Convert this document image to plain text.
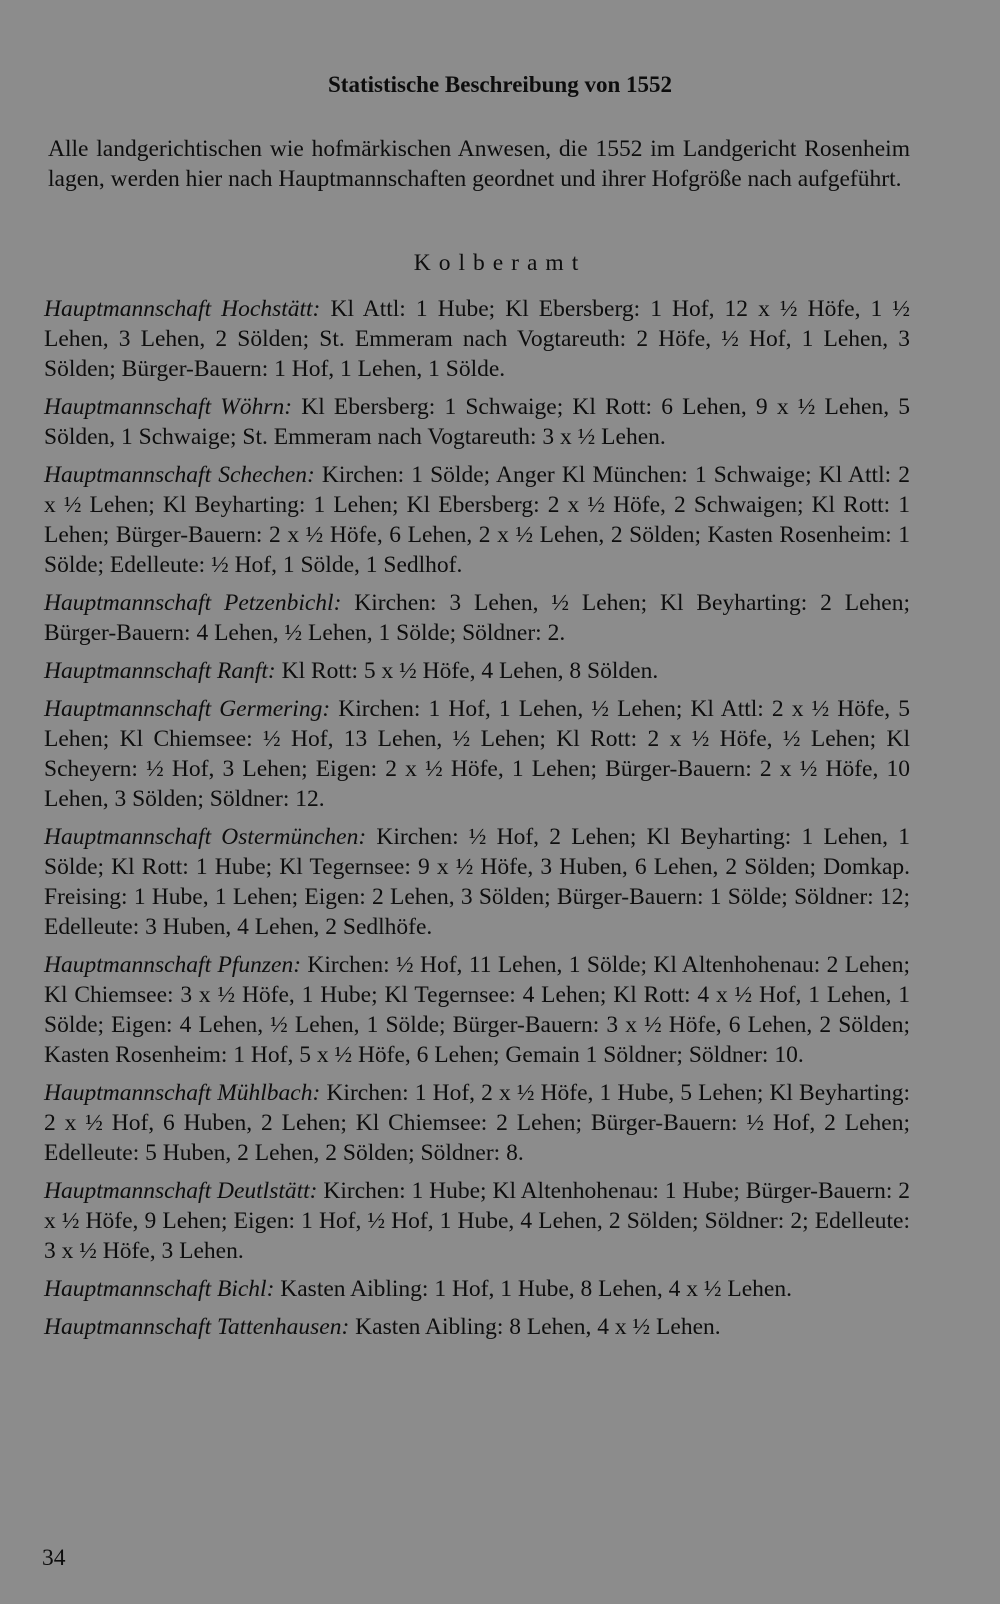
Statistische Beschreibung von 1552
Alle landgerichtischen wie hofmärkischen Anwesen, die 1552 im Landgericht Rosenheim lagen, werden hier nach Hauptmannschaften geordnet und ihrer Hofgröße nach aufgeführt.
Kolberamt

Hauptmannschaft Hochstätt: Kl Attl: 1 Hube; Kl Ebersberg: 1 Hof, 12 x ½ Höfe, 1 ½ Lehen, 3 Lehen, 2 Sölden; St. Emmeram nach Vogtareuth: 2 Höfe, ½ Hof, 1 Lehen, 3 Sölden; Bürger-Bauern: 1 Hof, 1 Lehen, 1 Sölde.

Hauptmannschaft Wöhrn: Kl Ebersberg: 1 Schwaige; Kl Rott: 6 Lehen, 9 x ½ Lehen, 5 Sölden, 1 Schwaige; St. Emmeram nach Vogtareuth: 3 x ½ Lehen.

Hauptmannschaft Schechen: Kirchen: 1 Sölde; Anger Kl München: 1 Schwaige; Kl Attl: 2 x ½ Lehen; Kl Beyharting: 1 Lehen; Kl Ebersberg: 2 x ½ Höfe, 2 Schwaigen; Kl Rott: 1 Lehen; Bürger-Bauern: 2 x ½ Höfe, 6 Lehen, 2 x ½ Lehen, 2 Sölden; Kasten Rosenheim: 1 Sölde; Edelleute: ½ Hof, 1 Sölde, 1 Sedlhof.

Hauptmannschaft Petzenbichl: Kirchen: 3 Lehen, ½ Lehen; Kl Beyharting: 2 Lehen; Bürger-Bauern: 4 Lehen, ½ Lehen, 1 Sölde; Söldner: 2.

Hauptmannschaft Ranft: Kl Rott: 5 x ½ Höfe, 4 Lehen, 8 Sölden.

Hauptmannschaft Germering: Kirchen: 1 Hof, 1 Lehen, ½ Lehen; Kl Attl: 2 x ½ Höfe, 5 Lehen; Kl Chiemsee: ½ Hof, 13 Lehen, ½ Lehen; Kl Rott: 2 x ½ Höfe, ½ Lehen; Kl Scheyern: ½ Hof, 3 Lehen; Eigen: 2 x ½ Höfe, 1 Lehen; Bürger-Bauern: 2 x ½ Höfe, 10 Lehen, 3 Sölden; Söldner: 12.

Hauptmannschaft Ostermünchen: Kirchen: ½ Hof, 2 Lehen; Kl Beyharting: 1 Lehen, 1 Sölde; Kl Rott: 1 Hube; Kl Tegernsee: 9 x ½ Höfe, 3 Huben, 6 Lehen, 2 Sölden; Domkap. Freising: 1 Hube, 1 Lehen; Eigen: 2 Lehen, 3 Sölden; Bürger-Bauern: 1 Sölde; Söldner: 12; Edelleute: 3 Huben, 4 Lehen, 2 Sedlhöfe.

Hauptmannschaft Pfunzen: Kirchen: ½ Hof, 11 Lehen, 1 Sölde; Kl Altenhohenau: 2 Lehen; Kl Chiemsee: 3 x ½ Höfe, 1 Hube; Kl Tegernsee: 4 Lehen; Kl Rott: 4 x ½ Hof, 1 Lehen, 1 Sölde; Eigen: 4 Lehen, ½ Lehen, 1 Sölde; Bürger-Bauern: 3 x ½ Höfe, 6 Lehen, 2 Sölden; Kasten Rosenheim: 1 Hof, 5 x ½ Höfe, 6 Lehen; Gemain 1 Söldner; Söldner: 10.

Hauptmannschaft Mühlbach: Kirchen: 1 Hof, 2 x ½ Höfe, 1 Hube, 5 Lehen; Kl Beyharting: 2 x ½ Hof, 6 Huben, 2 Lehen; Kl Chiemsee: 2 Lehen; Bürger-Bauern: ½ Hof, 2 Lehen; Edelleute: 5 Huben, 2 Lehen, 2 Sölden; Söldner: 8.

Hauptmannschaft Deutlstätt: Kirchen: 1 Hube; Kl Altenhohenau: 1 Hube; Bürger-Bauern: 2 x ½ Höfe, 9 Lehen; Eigen: 1 Hof, ½ Hof, 1 Hube, 4 Lehen, 2 Sölden; Söldner: 2; Edelleute: 3 x ½ Höfe, 3 Lehen.

Hauptmannschaft Bichl: Kasten Aibling: 1 Hof, 1 Hube, 8 Lehen, 4 x ½ Lehen.

Hauptmannschaft Tattenhausen: Kasten Aibling: 8 Lehen, 4 x ½ Lehen.

34
